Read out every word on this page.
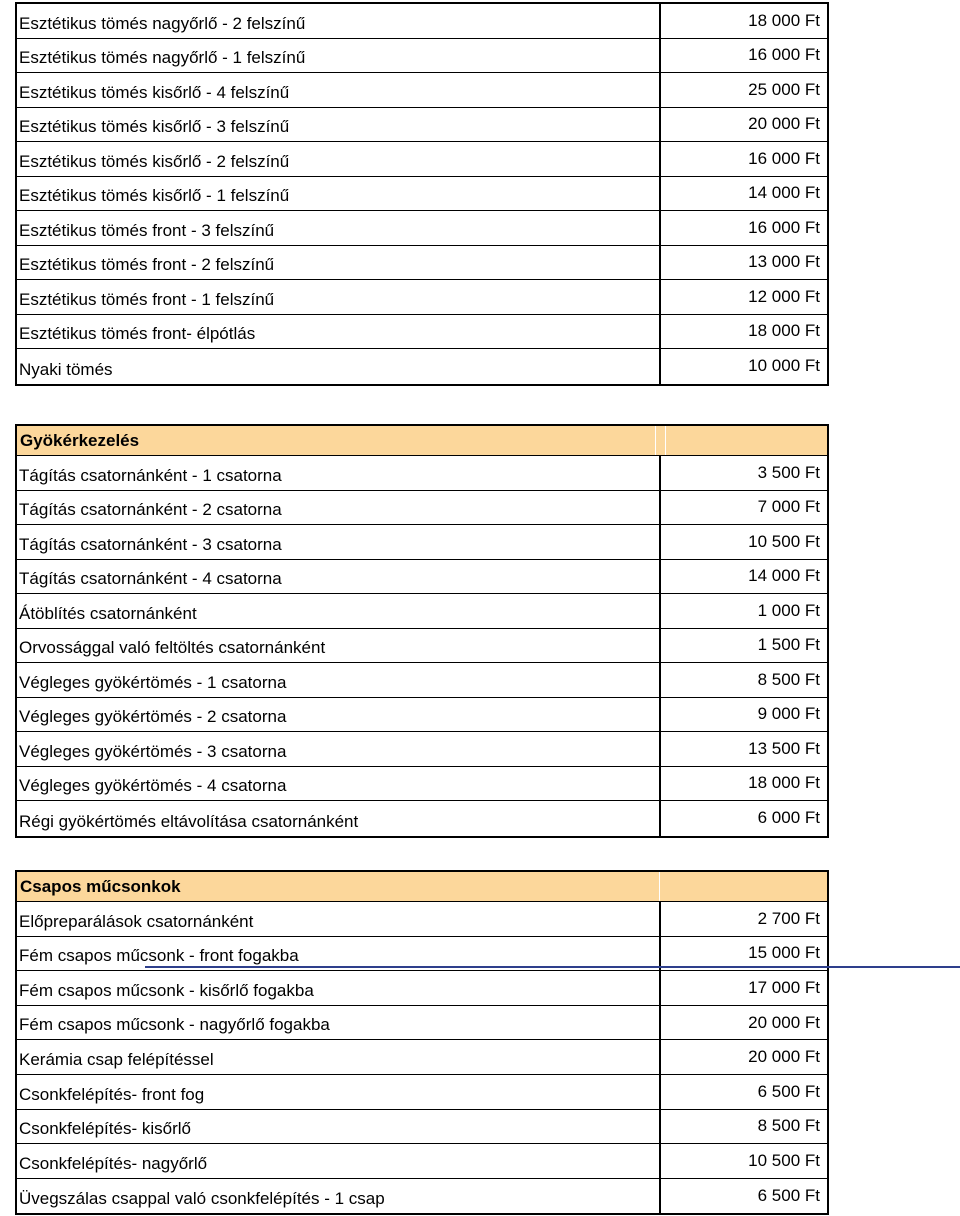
Esztétikus tömés nagyőrlő - 2 felszínű	18 000 Ft
Esztétikus tömés nagyőrlő - 1 felszínű	16 000 Ft
Esztétikus tömés kisőrlő - 4 felszínű	25 000 Ft
Esztétikus tömés kisőrlő - 3 felszínű	20 000 Ft
Esztétikus tömés kisőrlő - 2 felszínű	16 000 Ft
Esztétikus tömés kisőrlő - 1 felszínű	14 000 Ft
Esztétikus tömés front - 3 felszínű	16 000 Ft
Esztétikus tömés front - 2 felszínű	13 000 Ft
Esztétikus tömés front - 1 felszínű	12 000 Ft
Esztétikus tömés front- élpótlás	18 000 Ft
Nyaki tömés	10 000 Ft
Gyökérkezelés
Tágítás csatornánként - 1 csatorna	3 500 Ft
Tágítás csatornánként - 2 csatorna	7 000 Ft
Tágítás csatornánként - 3 csatorna	10 500 Ft
Tágítás csatornánként - 4 csatorna	14 000 Ft
Átöblítés csatornánként	1 000 Ft
Orvossággal való feltöltés csatornánként	1 500 Ft
Végleges gyökértömés - 1 csatorna	8 500 Ft
Végleges gyökértömés - 2 csatorna	9 000 Ft
Végleges gyökértömés - 3 csatorna	13 500 Ft
Végleges gyökértömés - 4 csatorna	18 000 Ft
Régi gyökértömés eltávolítása csatornánként	6 000 Ft
Csapos műcsonkok
Előpreparálások csatornánként	2 700 Ft
Fém csapos műcsonk - front fogakba	15 000 Ft
Fém csapos műcsonk - kisőrlő fogakba	17 000 Ft
Fém csapos műcsonk - nagyőrlő fogakba	20 000 Ft
Kerámia csap felépítéssel	20 000 Ft
Csonkfelépítés- front fog	6 500 Ft
Csonkfelépítés- kisőrlő	8 500 Ft
Csonkfelépítés- nagyőrlő	10 500 Ft
Üvegszálas csappal való csonkfelépítés - 1 csap	6 500 Ft
